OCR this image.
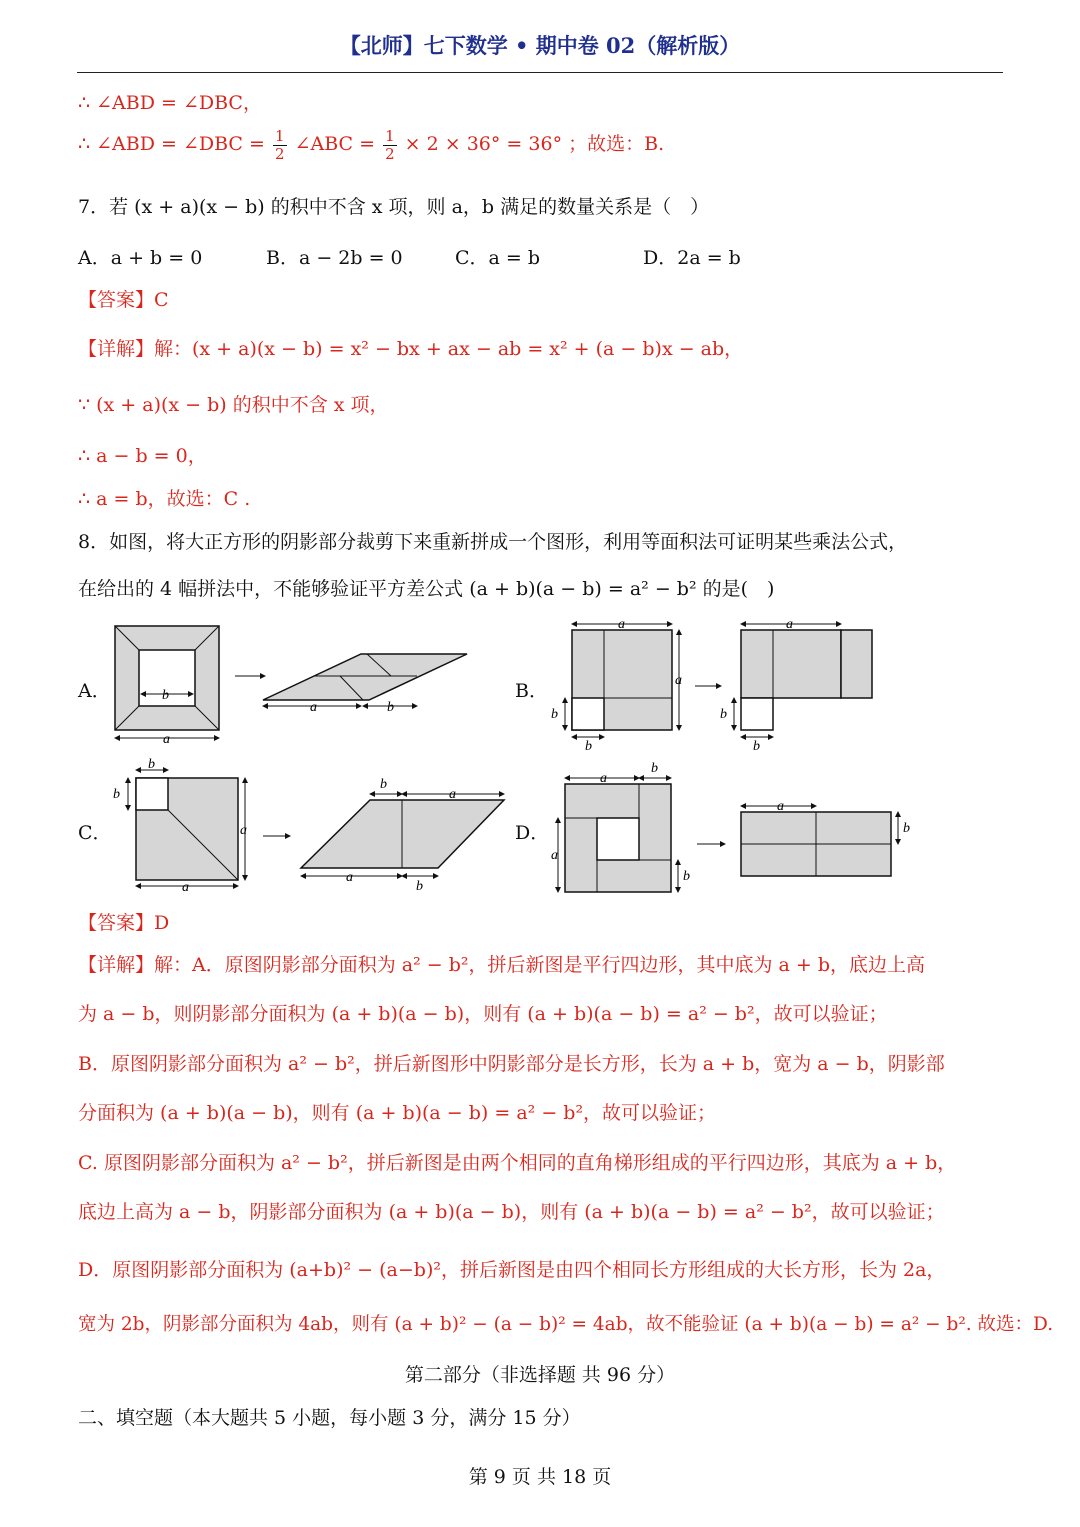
【北师】七下数学 • 期中卷 02（解析版）
∴ ∠ABD = ∠DBC，
∴ ∠ABD = ∠DBC = $\frac{1}{2}$ ∠ABC = $\frac{1}{2} \times 2 \times 36^\circ = 36^\circ$ ；故选：B.
7．若 (x + a)(x − b) 的积中不含 x 项，则 a，b 满足的数量关系是（　）
A．a + b = 0	B．a − 2b = 0	C．a = b	D．2a = b
【答案】C
【详解】解：(x + a)(x − b) = x² − bx + ax − ab = x² + (a − b)x − ab，
∵ (x + a)(x − b) 的积中不含 x 项，
∴ a − b = 0，
∴ a = b，故选：C .
8．如图，将大正方形的阴影部分裁剪下来重新拼成一个图形，利用等面积法可证明某些乘法公式，
在给出的 4 幅拼法中，不能够验证平方差公式 (a + b)(a − b) = a² − b² 的是(　)
A．	B．
C．	D．
b
a
a	b
a
a
b
b
a
b
b
b
b
a
a
b
a
a
b
a
b
a
b
a
b
【答案】D
【详解】解：A．原图阴影部分面积为 a² − b²，拼后新图是平行四边形，其中底为 a + b，底边上高
为 a − b，则阴影部分面积为 (a + b)(a − b)，则有 (a + b)(a − b) = a² − b²，故可以验证；
B．原图阴影部分面积为 a² − b²，拼后新图形中阴影部分是长方形，长为 a + b，宽为 a − b，阴影部
分面积为 (a + b)(a − b)，则有 (a + b)(a − b) = a² − b²，故可以验证；
C. 原图阴影部分面积为 a² − b²，拼后新图是由两个相同的直角梯形组成的平行四边形，其底为 a + b，
底边上高为 a − b，阴影部分面积为 (a + b)(a − b)，则有 (a + b)(a − b) = a² − b²，故可以验证；
D．原图阴影部分面积为 (a+b)² − (a−b)²，拼后新图是由四个相同长方形组成的大长方形，长为 2a，
宽为 2b，阴影部分面积为 4ab，则有 (a + b)² − (a − b)² = 4ab，故不能验证 (a + b)(a − b) = a² − b². 故选：D.
第二部分（非选择题 共 96 分）
二、填空题（本大题共 5 小题，每小题 3 分，满分 15 分）
第 9 页 共 18 页
